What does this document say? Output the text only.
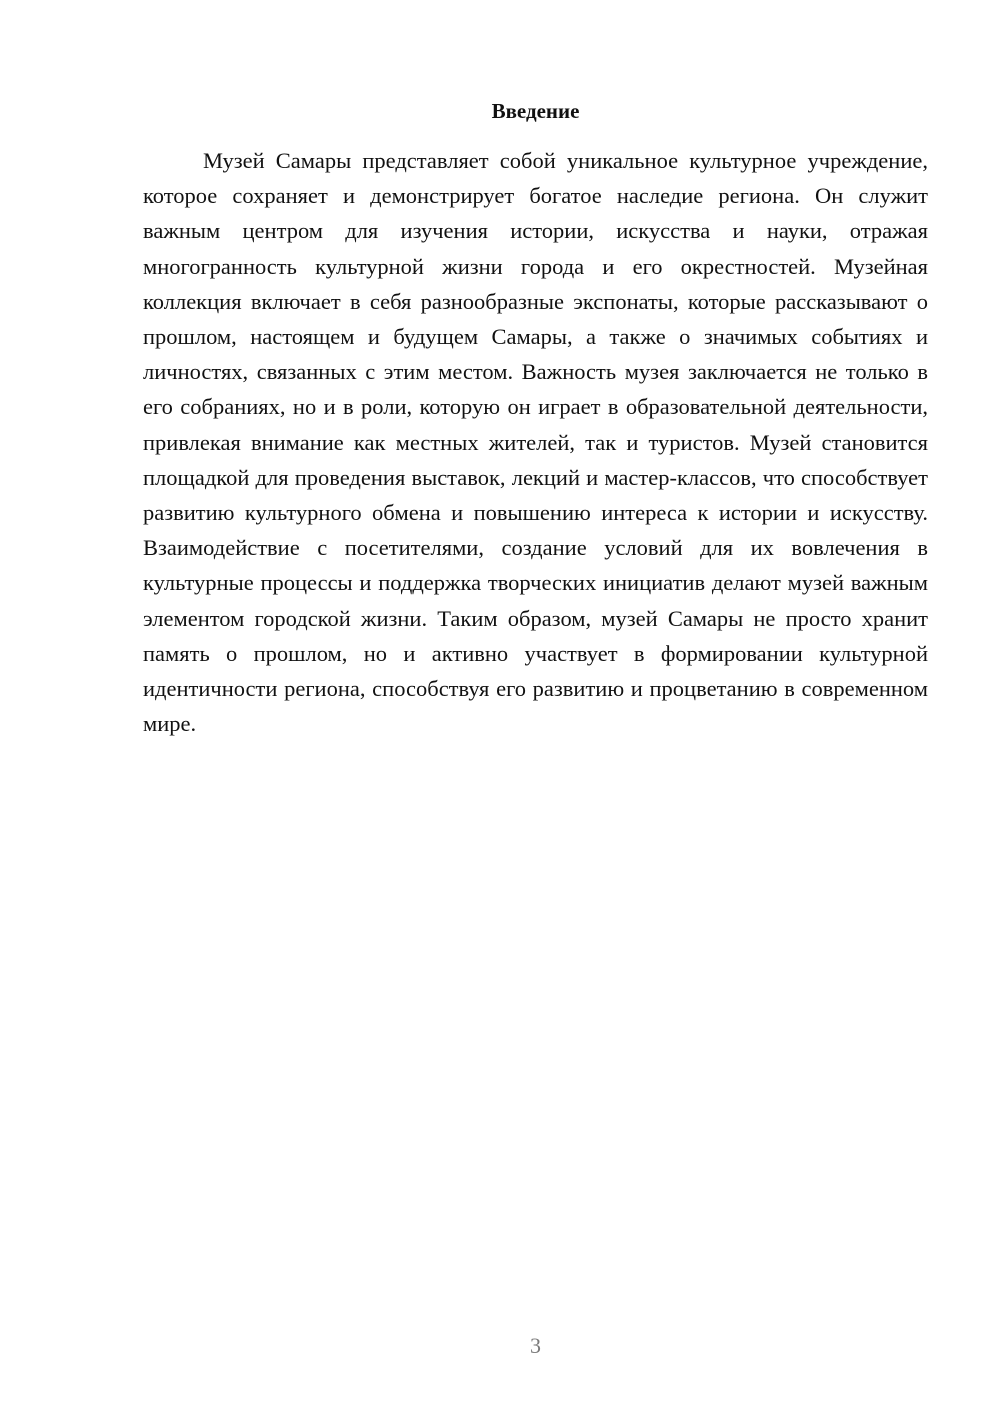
Введение

Музей Самары представляет собой уникальное культурное учреждение, которое сохраняет и демонстрирует богатое наследие региона. Он служит важным центром для изучения истории, искусства и науки, отражая многогранность культурной жизни города и его окрестностей. Музейная коллекция включает в себя разнообразные экспонаты, которые рассказывают о прошлом, настоящем и будущем Самары, а также о значимых событиях и личностях, связанных с этим местом. Важность музея заключается не только в его собраниях, но и в роли, которую он играет в образовательной деятельности, привлекая внимание как местных жителей, так и туристов. Музей становится площадкой для проведения выставок, лекций и мастер-классов, что способствует развитию культурного обмена и повышению интереса к истории и искусству. Взаимодействие с посетителями, создание условий для их вовлечения в культурные процессы и поддержка творческих инициатив делают музей важным элементом городской жизни. Таким образом, музей Самары не просто хранит память о прошлом, но и активно участвует в формировании культурной идентичности региона, способствуя его развитию и процветанию в современном мире.

3
